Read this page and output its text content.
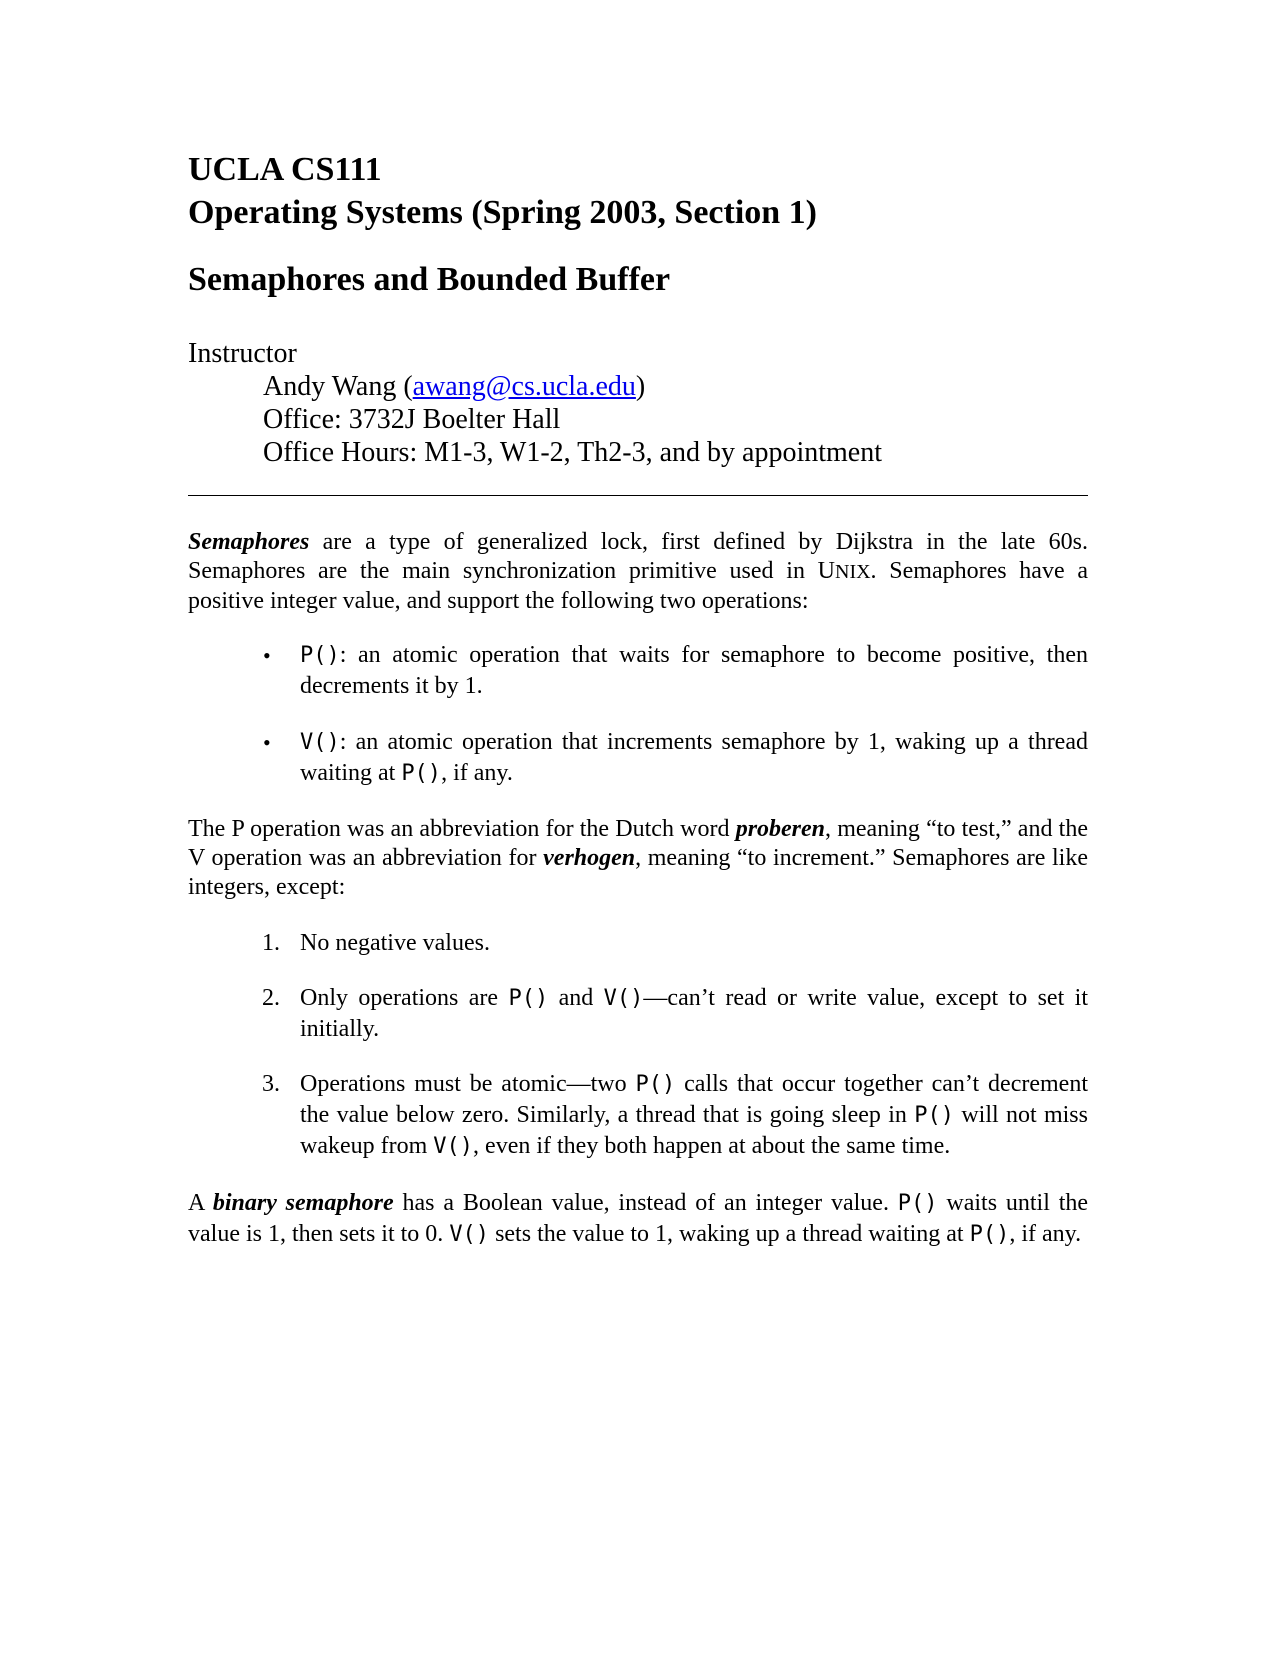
UCLA CS111
Operating Systems (Spring 2003, Section 1)
Semaphores and Bounded Buffer
Instructor
Andy Wang (awang@cs.ucla.edu)
Office: 3732J Boelter Hall
Office Hours: M1-3, W1-2, Th2-3, and by appointment

Semaphores are a type of generalized lock, first defined by Dijkstra in the late 60s. Semaphores are the main synchronization primitive used in UNIX. Semaphores have a positive integer value, and support the following two operations:

• P(): an atomic operation that waits for semaphore to become positive, then decrements it by 1.
• V(): an atomic operation that increments semaphore by 1, waking up a thread waiting at P(), if any.

The P operation was an abbreviation for the Dutch word proberen, meaning “to test,” and the V operation was an abbreviation for verhogen, meaning “to increment.” Semaphores are like integers, except:

1. No negative values.
2. Only operations are P() and V()—can’t read or write value, except to set it initially.
3. Operations must be atomic—two P() calls that occur together can’t decrement the value below zero. Similarly, a thread that is going sleep in P() will not miss wakeup from V(), even if they both happen at about the same time.

A binary semaphore has a Boolean value, instead of an integer value. P() waits until the value is 1, then sets it to 0. V() sets the value to 1, waking up a thread waiting at P(), if any.
